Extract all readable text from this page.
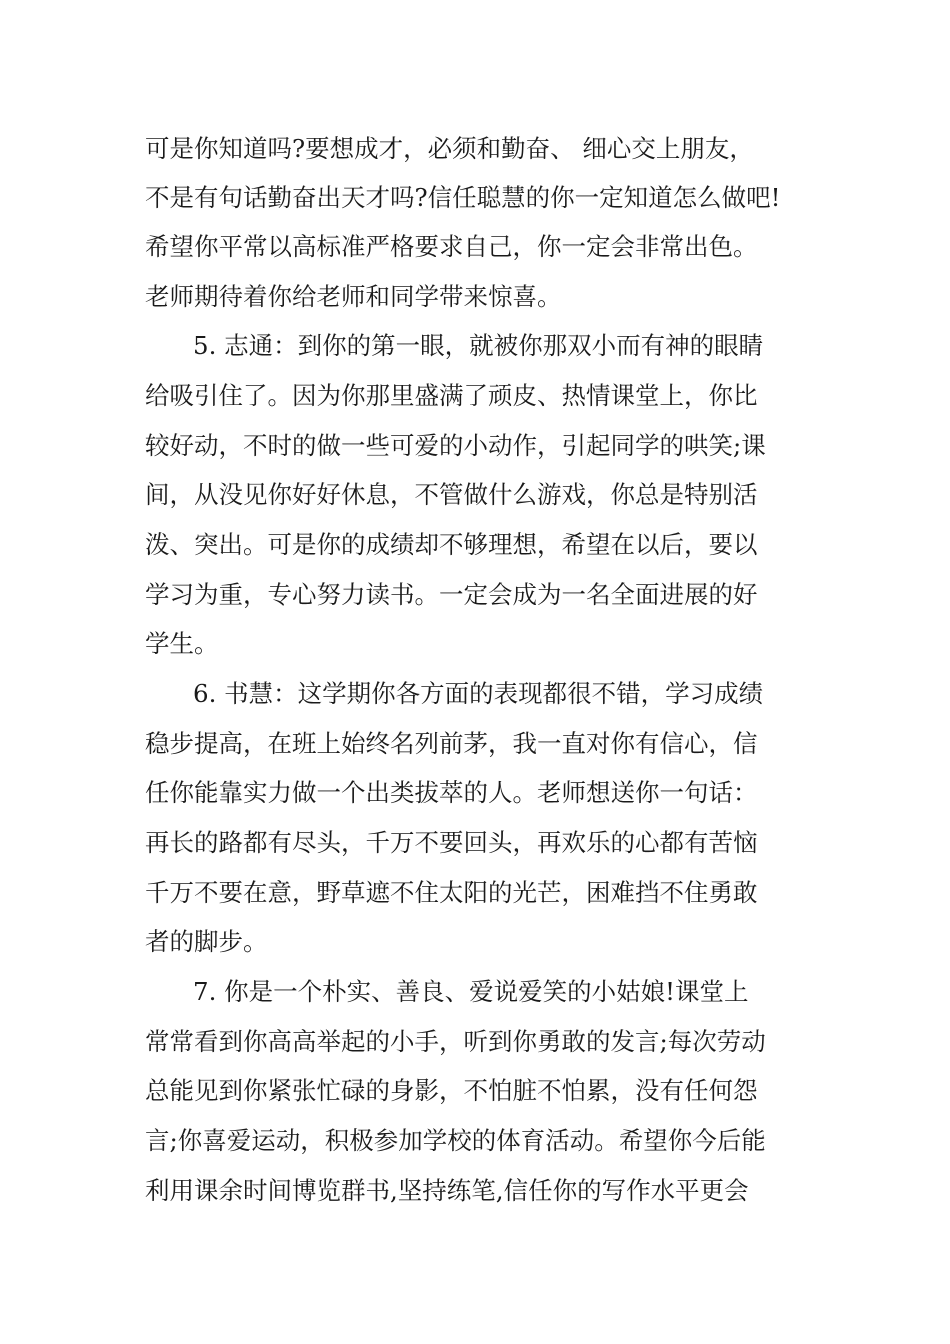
可是你知道吗?要想成才，必须和勤奋、 细心交上朋友，
不是有句话勤奋出天才吗?信任聪慧的你一定知道怎么做吧!
希望你平常以高标准严格要求自己，你一定会非常出色。
老师期待着你给老师和同学带来惊喜。
5. 志通：到你的第一眼，就被你那双小而有神的眼睛
给吸引住了。因为你那里盛满了顽皮、热情课堂上，你比
较好动，不时的做一些可爱的小动作，引起同学的哄笑;课
间，从没见你好好休息，不管做什么游戏，你总是特别活
泼、突出。可是你的成绩却不够理想，希望在以后，要以
学习为重，专心努力读书。一定会成为一名全面进展的好
学生。
6. 书慧：这学期你各方面的表现都很不错，学习成绩
稳步提高，在班上始终名列前茅，我一直对你有信心，信
任你能靠实力做一个出类拔萃的人。老师想送你一句话：
再长的路都有尽头，千万不要回头，再欢乐的心都有苦恼
千万不要在意，野草遮不住太阳的光芒，困难挡不住勇敢
者的脚步。
7. 你是一个朴实、善良、爱说爱笑的小姑娘!课堂上
常常看到你高高举起的小手，听到你勇敢的发言;每次劳动
总能见到你紧张忙碌的身影，不怕脏不怕累，没有任何怨
言;你喜爱运动，积极参加学校的体育活动。希望你今后能
利用课余时间博览群书,坚持练笔,信任你的写作水平更会
